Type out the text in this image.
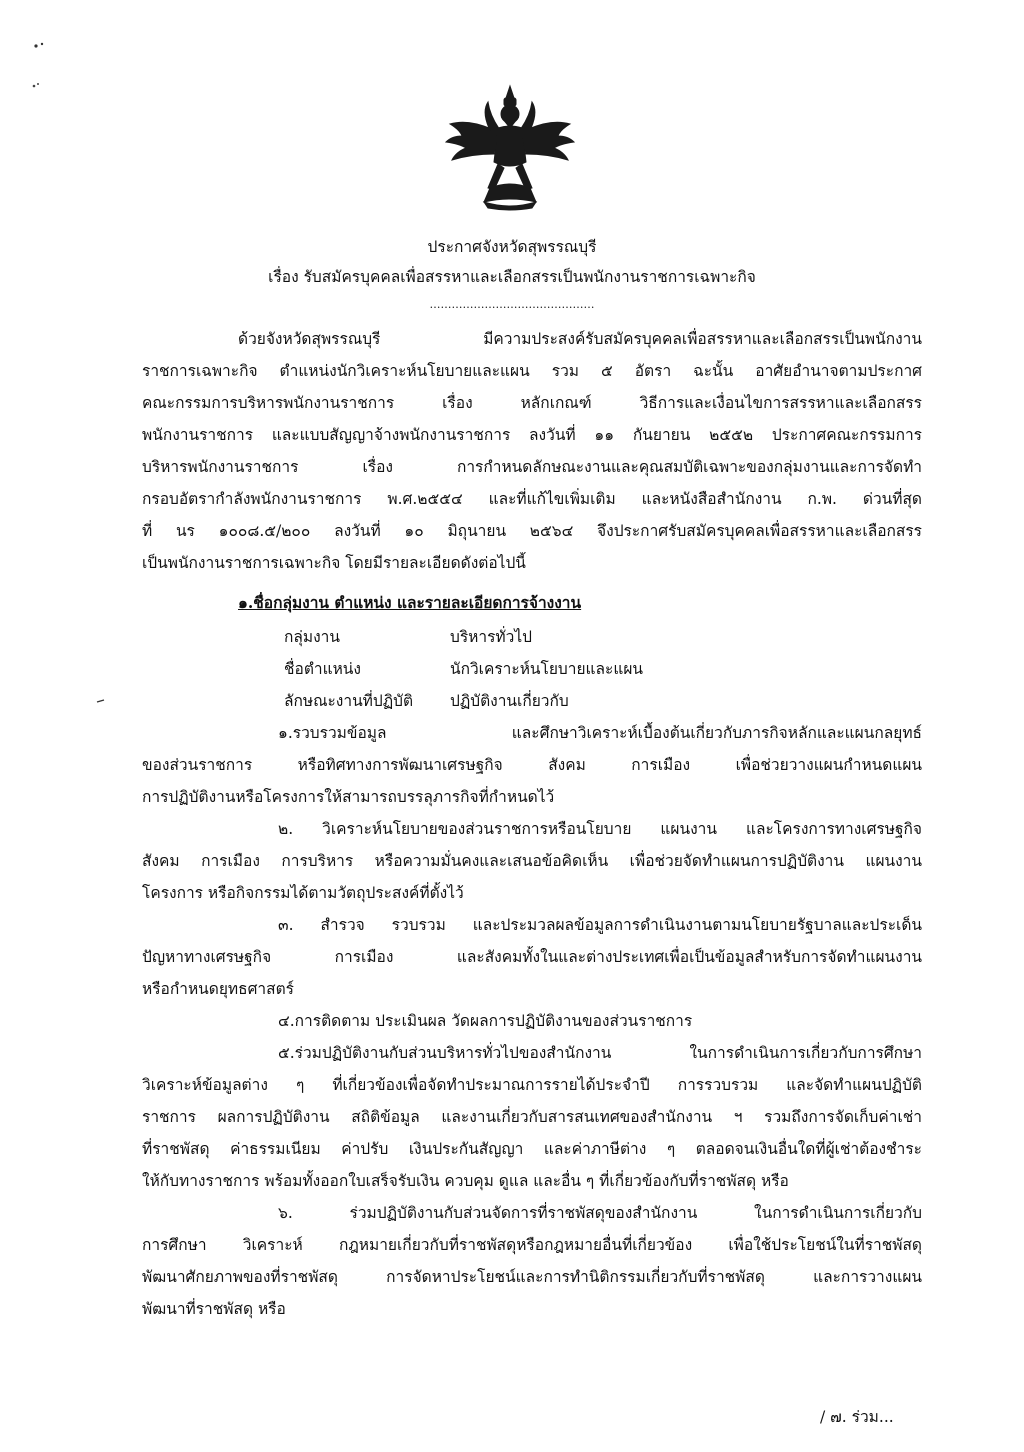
ประกาศจังหวัดสุพรรณบุรี
เรื่อง รับสมัครบุคคลเพื่อสรรหาและเลือกสรรเป็นพนักงานราชการเฉพาะกิจ
………………………………………
ด้วยจังหวัดสุพรรณบุรี มีความประสงค์รับสมัครบุคคลเพื่อสรรหาและเลือกสรรเป็นพนักงาน
ราชการเฉพาะกิจ ตำแหน่งนักวิเคราะห์นโยบายและแผน รวม ๕ อัตรา ฉะนั้น อาศัยอำนาจตามประกาศ
คณะกรรมการบริหารพนักงานราชการ เรื่อง หลักเกณฑ์ วิธีการและเงื่อนไขการสรรหาและเลือกสรร
พนักงานราชการ และแบบสัญญาจ้างพนักงานราชการ ลงวันที่ ๑๑ กันยายน ๒๕๕๒ ประกาศคณะกรรมการ
บริหารพนักงานราชการ เรื่อง การกำหนดลักษณะงานและคุณสมบัติเฉพาะของกลุ่มงานและการจัดทำ
กรอบอัตรากำลังพนักงานราชการ พ.ศ.๒๕๕๔ และที่แก้ไขเพิ่มเติม และหนังสือสำนักงาน ก.พ. ด่วนที่สุด
ที่ นร ๑๐๐๘.๕/๒๐๐ ลงวันที่ ๑๐ มิถุนายน ๒๕๖๔ จึงประกาศรับสมัครบุคคลเพื่อสรรหาและเลือกสรร
เป็นพนักงานราชการเฉพาะกิจ โดยมีรายละเอียดดังต่อไปนี้
๑.ชื่อกลุ่มงาน ตำแหน่ง และรายละเอียดการจ้างงาน
กลุ่มงาน	บริหารทั่วไป
ชื่อตำแหน่ง	นักวิเคราะห์นโยบายและแผน
ลักษณะงานที่ปฏิบัติ ปฏิบัติงานเกี่ยวกับ
๑.รวบรวมข้อมูล และศึกษาวิเคราะห์เบื้องต้นเกี่ยวกับภารกิจหลักและแผนกลยุทธ์
ของส่วนราชการ หรือทิศทางการพัฒนาเศรษฐกิจ สังคม การเมือง เพื่อช่วยวางแผนกำหนดแผน
การปฏิบัติงานหรือโครงการให้สามารถบรรลุภารกิจที่กำหนดไว้
๒. วิเคราะห์นโยบายของส่วนราชการหรือนโยบาย แผนงาน และโครงการทางเศรษฐกิจ
สังคม การเมือง การบริหาร หรือความมั่นคงและเสนอข้อคิดเห็น เพื่อช่วยจัดทำแผนการปฏิบัติงาน แผนงาน
โครงการ หรือกิจกรรมได้ตามวัตถุประสงค์ที่ตั้งไว้
๓. สำรวจ รวบรวม และประมวลผลข้อมูลการดำเนินงานตามนโยบายรัฐบาลและประเด็น
ปัญหาทางเศรษฐกิจ การเมือง และสังคมทั้งในและต่างประเทศเพื่อเป็นข้อมูลสำหรับการจัดทำแผนงาน
หรือกำหนดยุทธศาสตร์
๔.การติดตาม ประเมินผล วัดผลการปฏิบัติงานของส่วนราชการ
๕.ร่วมปฏิบัติงานกับส่วนบริหารทั่วไปของสำนักงาน ในการดำเนินการเกี่ยวกับการศึกษา
วิเคราะห์ข้อมูลต่าง ๆ ที่เกี่ยวข้องเพื่อจัดทำประมาณการรายได้ประจำปี การรวบรวม และจัดทำแผนปฏิบัติ
ราชการ ผลการปฏิบัติงาน สถิติข้อมูล และงานเกี่ยวกับสารสนเทศของสำนักงาน ฯ รวมถึงการจัดเก็บค่าเช่า
ที่ราชพัสดุ ค่าธรรมเนียม ค่าปรับ เงินประกันสัญญา และค่าภาษีต่าง ๆ ตลอดจนเงินอื่นใดที่ผู้เช่าต้องชำระ
ให้กับทางราชการ พร้อมทั้งออกใบเสร็จรับเงิน ควบคุม ดูแล และอื่น ๆ ที่เกี่ยวข้องกับที่ราชพัสดุ หรือ
๖. ร่วมปฏิบัติงานกับส่วนจัดการที่ราชพัสดุของสำนักงาน ในการดำเนินการเกี่ยวกับ
การศึกษา วิเคราะห์ กฎหมายเกี่ยวกับที่ราชพัสดุหรือกฎหมายอื่นที่เกี่ยวข้อง เพื่อใช้ประโยชน์ในที่ราชพัสดุ
พัฒนาศักยภาพของที่ราชพัสดุ การจัดหาประโยชน์และการทำนิติกรรมเกี่ยวกับที่ราชพัสดุ และการวางแผน
พัฒนาที่ราชพัสดุ หรือ
/ ๗. ร่วม...
